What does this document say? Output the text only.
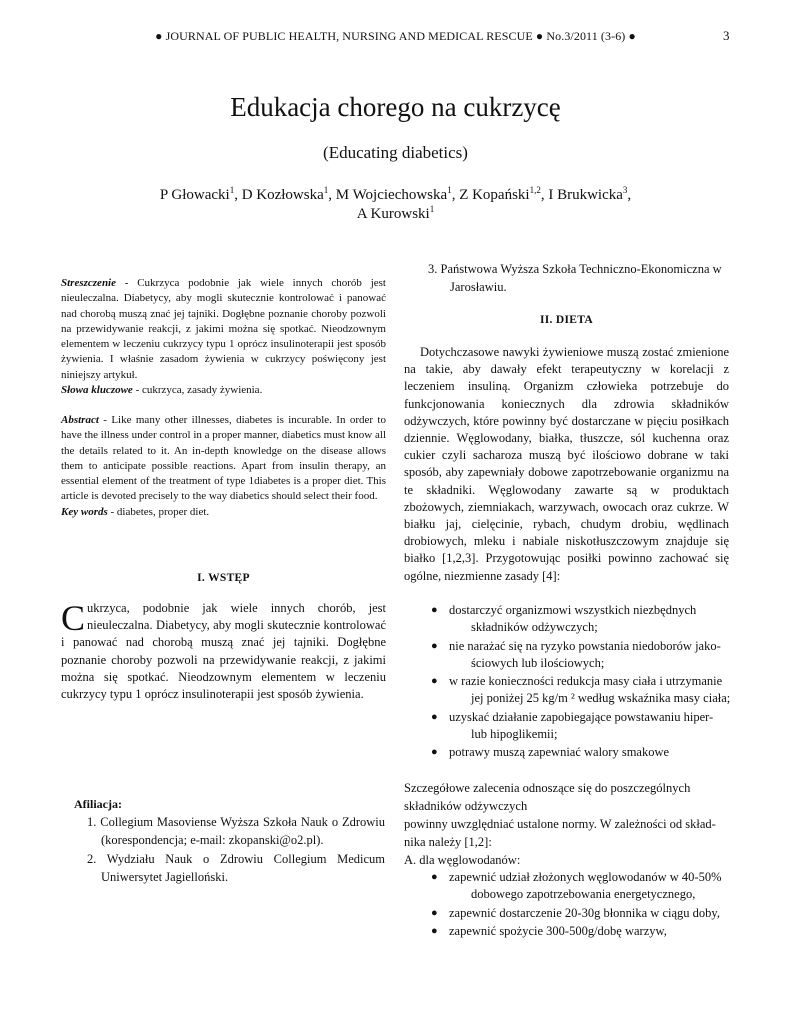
● JOURNAL OF PUBLIC HEALTH, NURSING AND MEDICAL RESCUE ● No.3/2011 (3-6) ●	3
Edukacja chorego na cukrzycę
(Educating diabetics)
P Głowacki$^1$, D Kozłowska$^1$, M Wojciechowska$^1$, Z Kopański$^{1,2}$, I Brukwicka$^3$,
A Kurowski$^1$

Streszczenie - Cukrzyca podobnie jak wiele innych chorób jest nieuleczalna. Diabetycy, aby mogli skutecznie kontrolować i panować nad chorobą muszą znać jej tajniki. Dogłębne poznanie choroby pozwoli na przewidywanie reakcji, z jakimi można się spotkać. Nieodzownym elementem w leczeniu cukrzycy typu 1 oprócz insulinoterapii jest sposób żywienia. I właśnie zasadom żywienia w cukrzycy poświęcony jest niniejszy artykuł.

Słowa kluczowe - cukrzyca, zasady żywienia.

Abstract - Like many other illnesses, diabetes is incurable. In order to have the illness under control in a proper manner, diabetics must know all the details related to it. An in-depth knowledge on the disease allows them to anticipate possible reactions. Apart from insulin therapy, an essential element of the treatment of type 1diabetes is a proper diet. This article is devoted precisely to the way diabetics should select their food.

Key words - diabetes, proper diet.

I. WSTĘP

Cukrzyca, podobnie jak wiele innych chorób, jest nieuleczalna. Diabetycy, aby mogli skutecznie kontrolować i panować nad chorobą muszą znać jej tajniki. Dogłębne poznanie choroby pozwoli na przewidywanie reakcji, z jakimi można się spotkać. Nieodzownym elementem w leczeniu cukrzycy typu 1 oprócz insulinoterapii jest sposób żywienia.

Afiliacja:
1. Collegium Masoviense Wyższa Szkoła Nauk o Zdrowiu (korespondencja; e-mail: zkopanski@o2.pl).
2. Wydziału Nauk o Zdrowiu Collegium Medicum Uniwersytet Jagielloński.
3. Państwowa Wyższa Szkoła Techniczno-Ekonomiczna w Jarosławiu.
II. DIETA

Dotychczasowe nawyki żywieniowe muszą zostać zmienione na takie, aby dawały efekt terapeutyczny w korelacji z leczeniem insuliną. Organizm człowieka potrzebuje do funkcjonowania koniecznych dla zdrowia składników odżywczych, które powinny być dostarczane w pięciu posiłkach dziennie. Węglowodany, białka, tłuszcze, sól kuchenna oraz cukier czyli sacharoza muszą być ilościowo dobrane w taki sposób, aby zapewniały dobowe zapotrzebowanie organizmu na te składniki. Węglowodany zawarte są w produktach zbożowych, ziemniakach, warzywach, owocach oraz cukrze. W białku jaj, cielęcinie, rybach, chudym drobiu, wędlinach drobiowych, mleku i nabiale niskotłuszczowym znajduje się białko [1,2,3]. Przygotowując posiłki powinno zachować się ogólne, niezmienne zasady [4]:

● dostarczyć organizmowi wszystkich niezbędnych
składników odżywczych;
● nie narażać się na ryzyko powstania niedoborów jako-
ściowych lub ilościowych;
● w razie konieczności redukcja masy ciała i utrzymanie
jej poniżej 25 kg/m ² według wskaźnika masy ciała;
● uzyskać działanie zapobiegające powstawaniu hiper-
lub hipoglikemii;
● potrawy muszą zapewniać walory smakowe

Szczegółowe zalecenia odnoszące się do poszczególnych

składników odżywczych

powinny uwzględniać ustalone normy. W zależności od skład-

nika należy [1,2]:

A. dla węglowodanów:

● zapewnić udział złożonych węglowodanów w 40-50%
dobowego zapotrzebowania energetycznego,
● zapewnić dostarczenie 20-30g błonnika w ciągu doby,
● zapewnić spożycie 300-500g/dobę warzyw,
